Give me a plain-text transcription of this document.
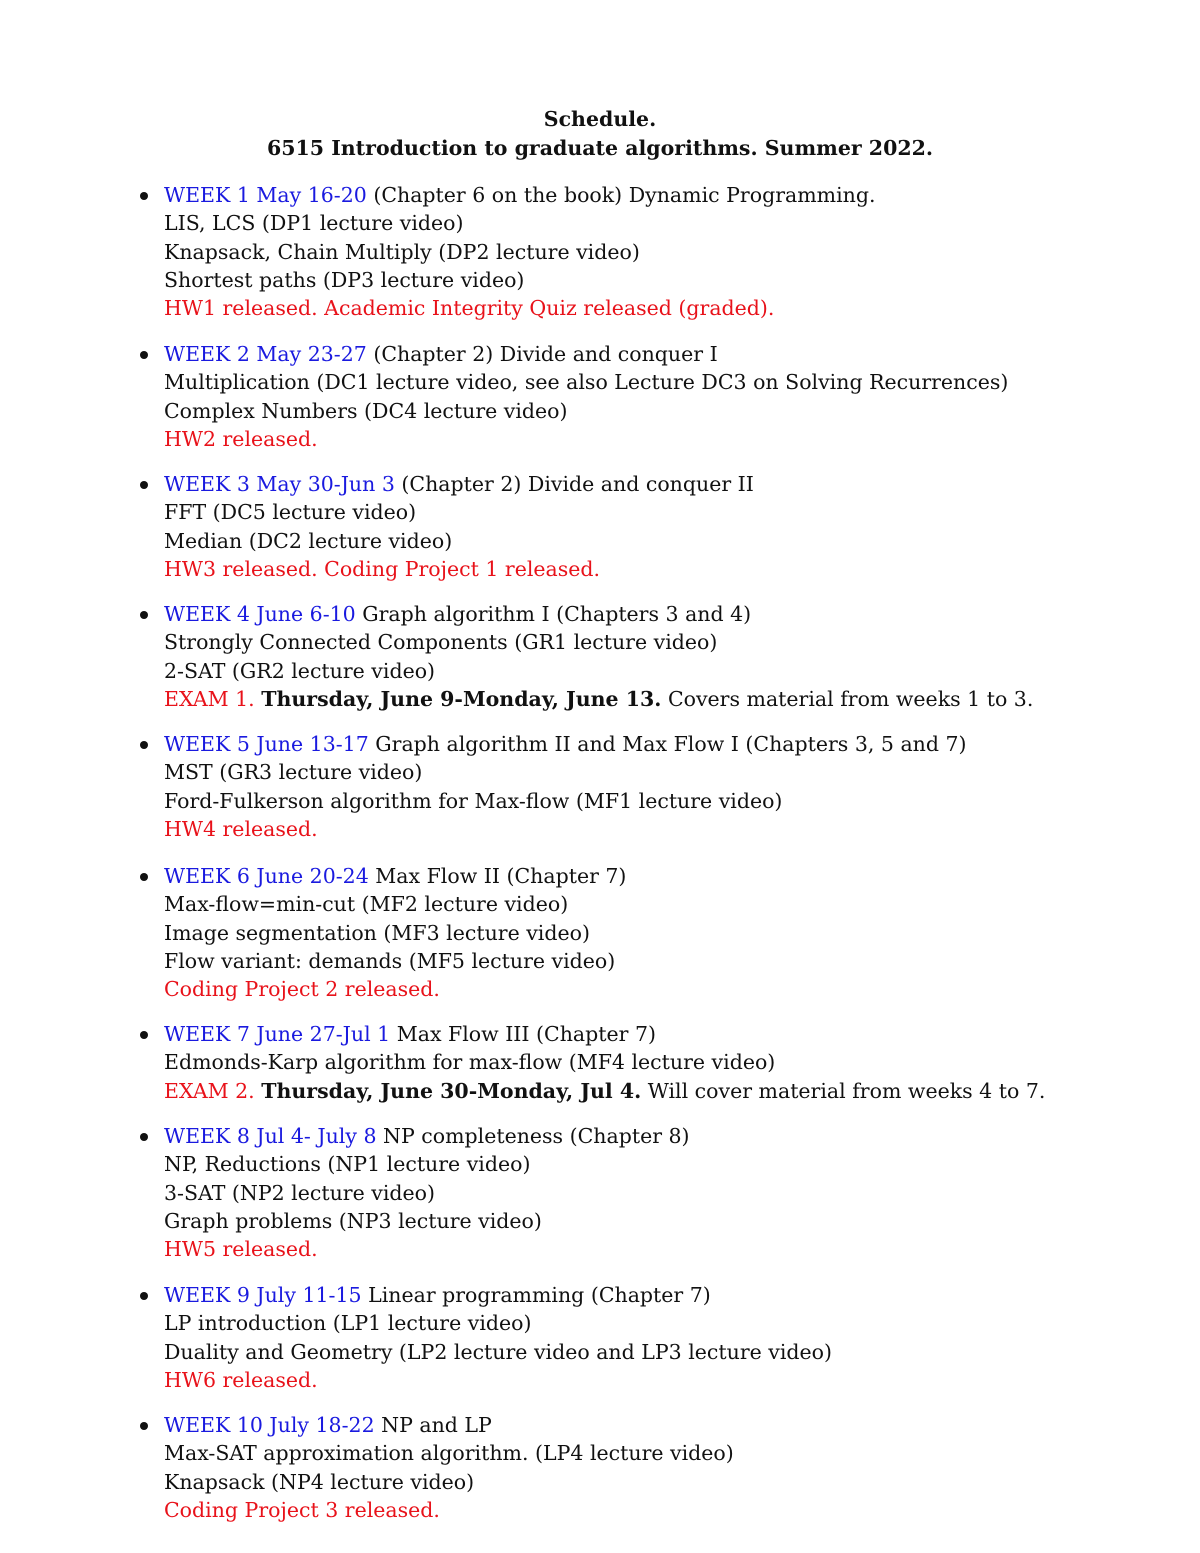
Schedule.
6515 Introduction to graduate algorithms. Summer 2022.
WEEK 1 May 16-20 (Chapter 6 on the book) Dynamic Programming.
LIS, LCS (DP1 lecture video)
Knapsack, Chain Multiply (DP2 lecture video)
Shortest paths (DP3 lecture video)
HW1 released. Academic Integrity Quiz released (graded).
WEEK 2 May 23-27 (Chapter 2) Divide and conquer I
Multiplication (DC1 lecture video, see also Lecture DC3 on Solving Recurrences)
Complex Numbers (DC4 lecture video)
HW2 released.
WEEK 3 May 30-Jun 3 (Chapter 2) Divide and conquer II
FFT (DC5 lecture video)
Median (DC2 lecture video)
HW3 released. Coding Project 1 released.
WEEK 4 June 6-10 Graph algorithm I (Chapters 3 and 4)
Strongly Connected Components (GR1 lecture video)
2-SAT (GR2 lecture video)
EXAM 1. Thursday, June 9-Monday, June 13. Covers material from weeks 1 to 3.
WEEK 5 June 13-17 Graph algorithm II and Max Flow I (Chapters 3, 5 and 7)
MST (GR3 lecture video)
Ford-Fulkerson algorithm for Max-flow (MF1 lecture video)
HW4 released.
WEEK 6 June 20-24 Max Flow II (Chapter 7)
Max-flow=min-cut (MF2 lecture video)
Image segmentation (MF3 lecture video)
Flow variant: demands (MF5 lecture video)
Coding Project 2 released.
WEEK 7 June 27-Jul 1 Max Flow III (Chapter 7)
Edmonds-Karp algorithm for max-flow (MF4 lecture video)
EXAM 2. Thursday, June 30-Monday, Jul 4. Will cover material from weeks 4 to 7.
WEEK 8 Jul 4- July 8 NP completeness (Chapter 8)
NP, Reductions (NP1 lecture video)
3-SAT (NP2 lecture video)
Graph problems (NP3 lecture video)
HW5 released.
WEEK 9 July 11-15 Linear programming (Chapter 7)
LP introduction (LP1 lecture video)
Duality and Geometry (LP2 lecture video and LP3 lecture video)
HW6 released.
WEEK 10 July 18-22 NP and LP
Max-SAT approximation algorithm. (LP4 lecture video)
Knapsack (NP4 lecture video)
Coding Project 3 released.
